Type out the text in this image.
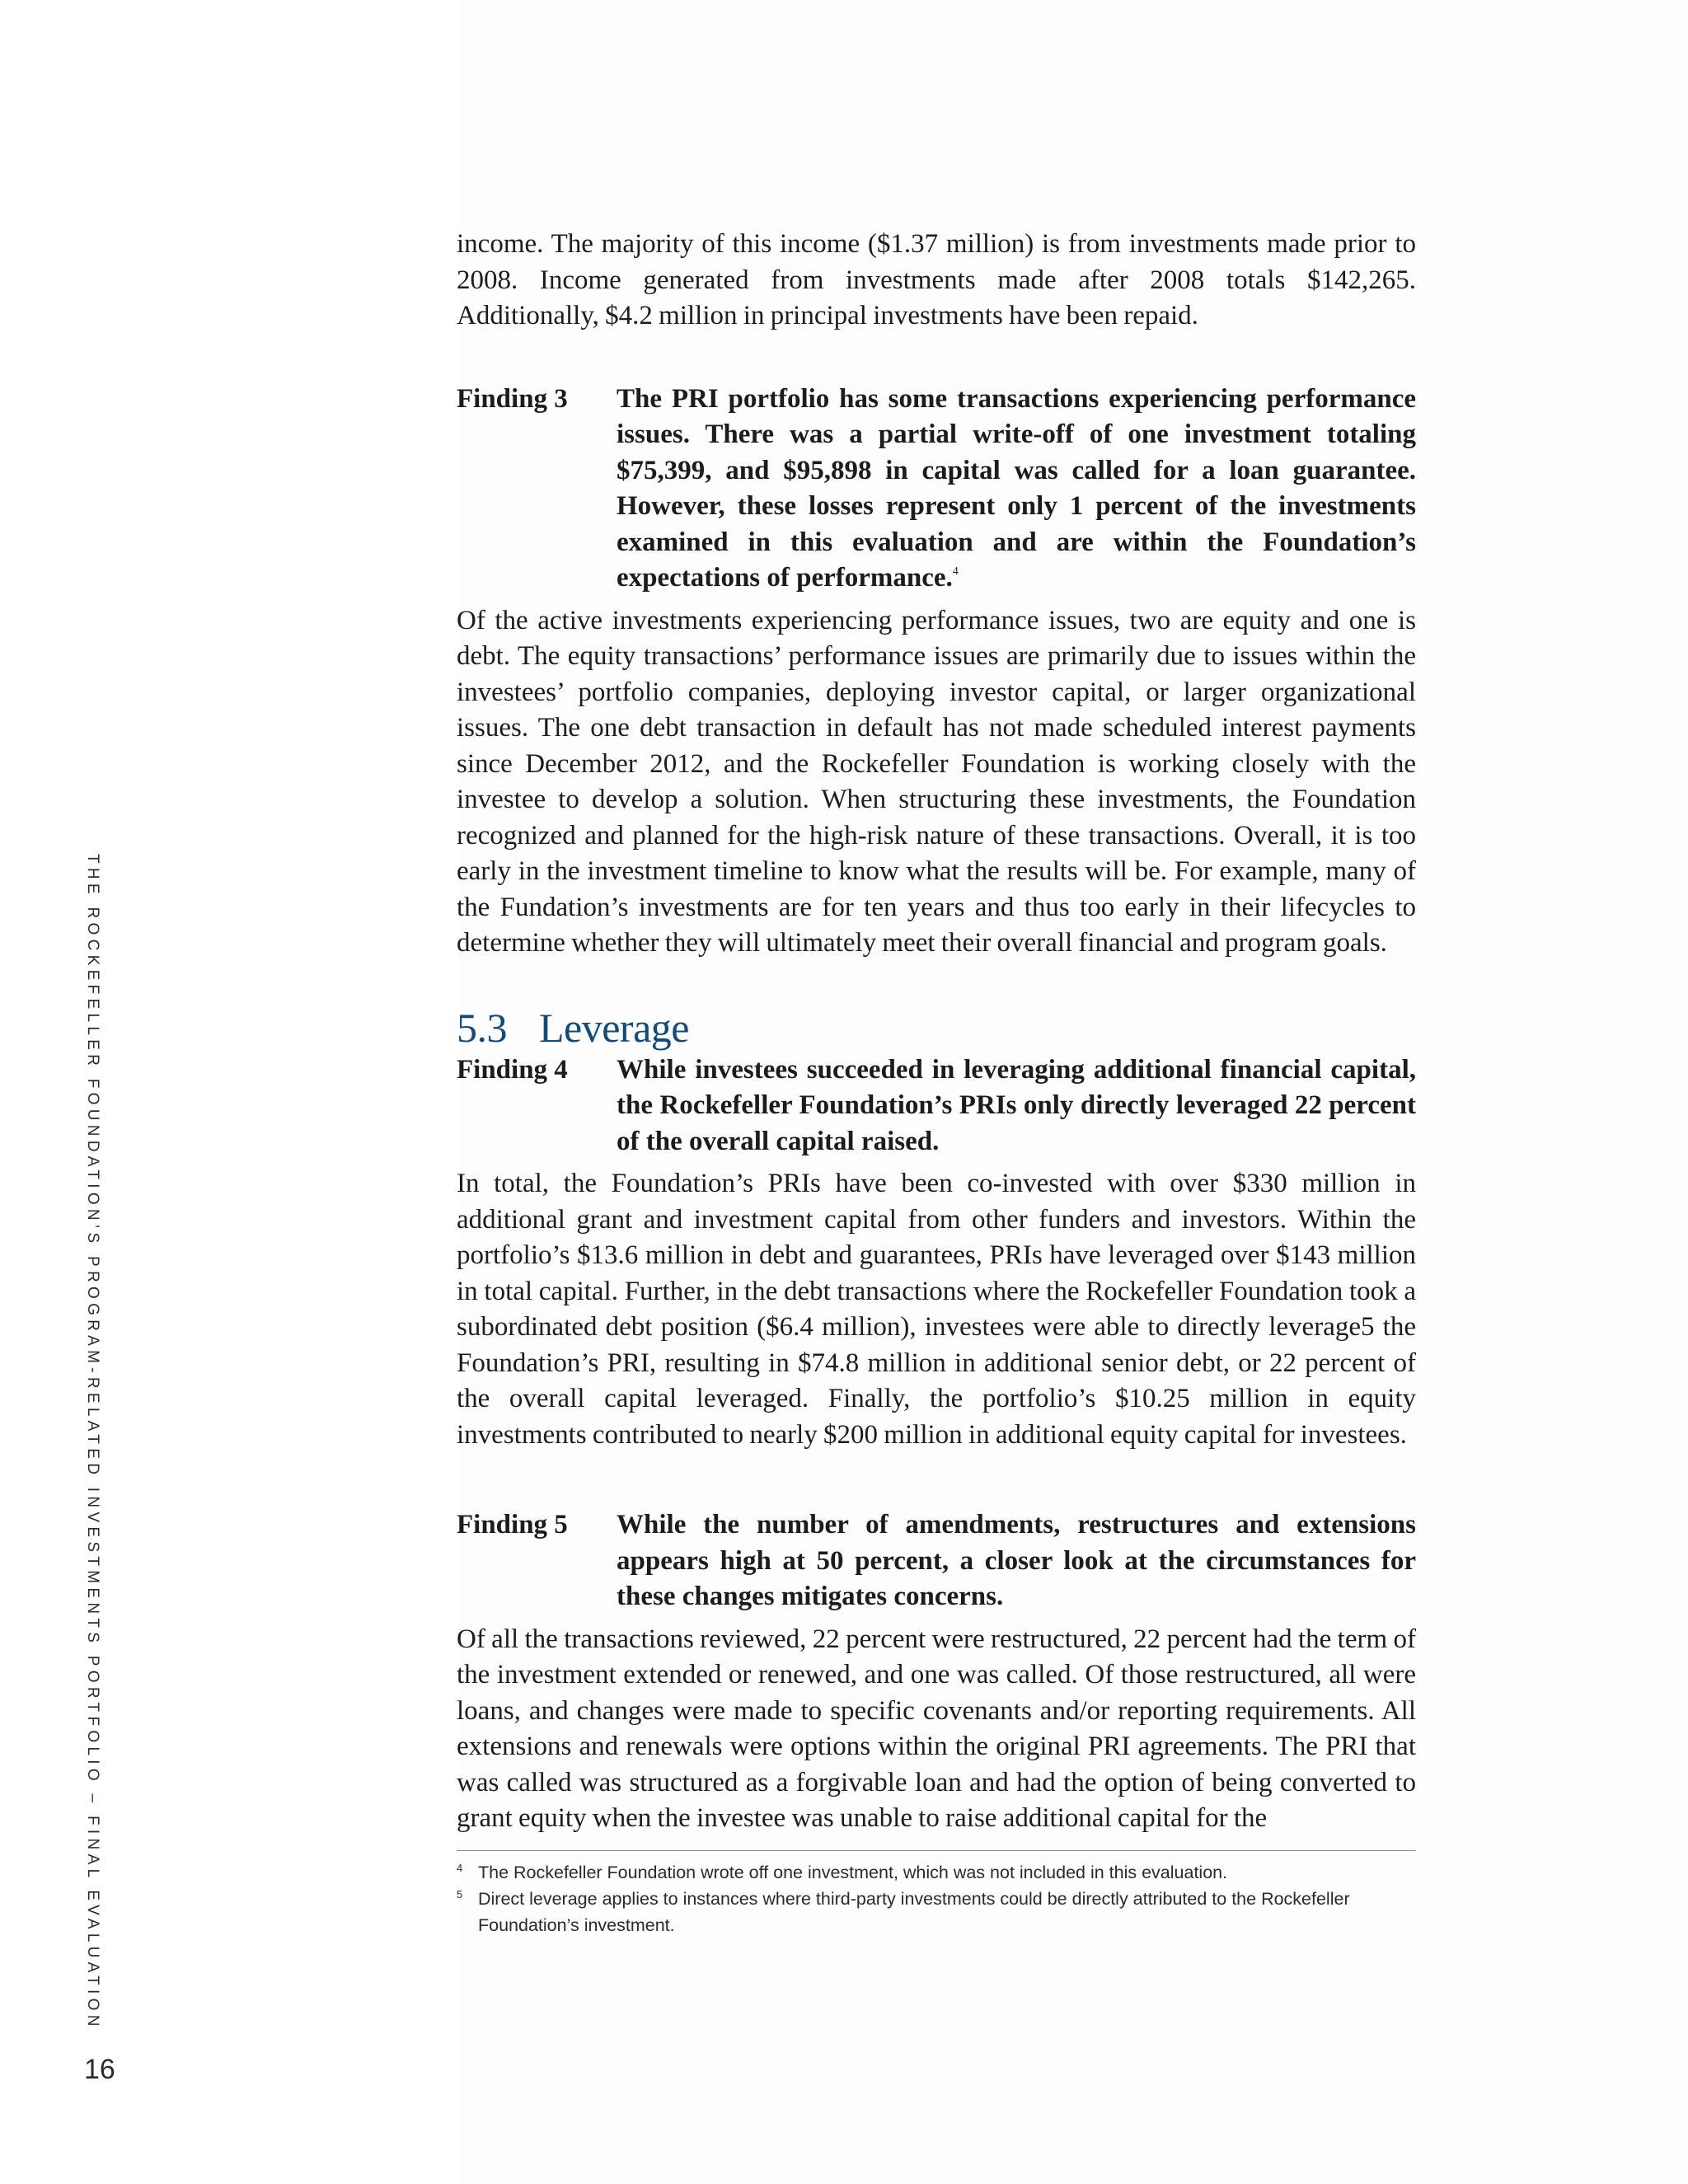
THE ROCKEFELLER FOUNDATION’S PROGRAM-RELATED INVESTMENTS PORTFOLIO – FINAL EVALUATION

income. The majority of this income ($1.37 million) is from investments made prior to 2008. Income generated from investments made after 2008 totals $142,265. Additionally, $4.2 million in principal investments have been repaid.

Finding 3	The PRI portfolio has some transactions experiencing performance issues. There was a partial write-off of one investment totaling $75,399, and $95,898 in capital was called for a loan guarantee. However, these losses represent only 1 percent of the investments examined in this evaluation and are within the Foundation’s expectations of performance.$^4$

Of the active investments experiencing performance issues, two are equity and one is debt. The equity transactions’ performance issues are primarily due to issues within the investees’ portfolio companies, deploying investor capital, or larger organizational issues. The one debt transaction in default has not made scheduled interest payments since December 2012, and the Rockefeller Foundation is working closely with the investee to develop a solution. When structuring these investments, the Foundation recognized and planned for the high-risk nature of these transactions. Overall, it is too early in the investment timeline to know what the results will be. For example, many of the Fundation’s investments are for ten years and thus too early in their lifecycles to determine whether they will ultimately meet their overall financial and program goals.

5.3 Leverage
Finding 4	While investees succeeded in leveraging additional financial capital, the Rockefeller Foundation’s PRIs only directly leveraged 22 percent of the overall capital raised.

In total, the Foundation’s PRIs have been co-invested with over $330 million in additional grant and investment capital from other funders and investors. Within the portfolio’s $13.6 million in debt and guarantees, PRIs have leveraged over $143 million in total capital. Further, in the debt transactions where the Rockefeller Foundation took a subordinated debt position ($6.4 million), investees were able to directly leverage5 the Foundation’s PRI, resulting in $74.8 million in additional senior debt, or 22 percent of the overall capital leveraged. Finally, the portfolio’s $10.25 million in equity investments contributed to nearly $200 million in additional equity capital for investees.

Finding 5	While the number of amendments, restructures and extensions appears high at 50 percent, a closer look at the circumstances for these changes mitigates concerns.

Of all the transactions reviewed, 22 percent were restructured, 22 percent had the term of the investment extended or renewed, and one was called. Of those restructured, all were loans, and changes were made to specific covenants and/or reporting requirements. All extensions and renewals were options within the original PRI agreements. The PRI that was called was structured as a forgivable loan and had the option of being converted to grant equity when the investee was unable to raise additional capital for the

4 The Rockefeller Foundation wrote off one investment, which was not included in this evaluation.
5 Direct leverage applies to instances where third-party investments could be directly attributed to the Rockefeller Foundation’s investment.
16
